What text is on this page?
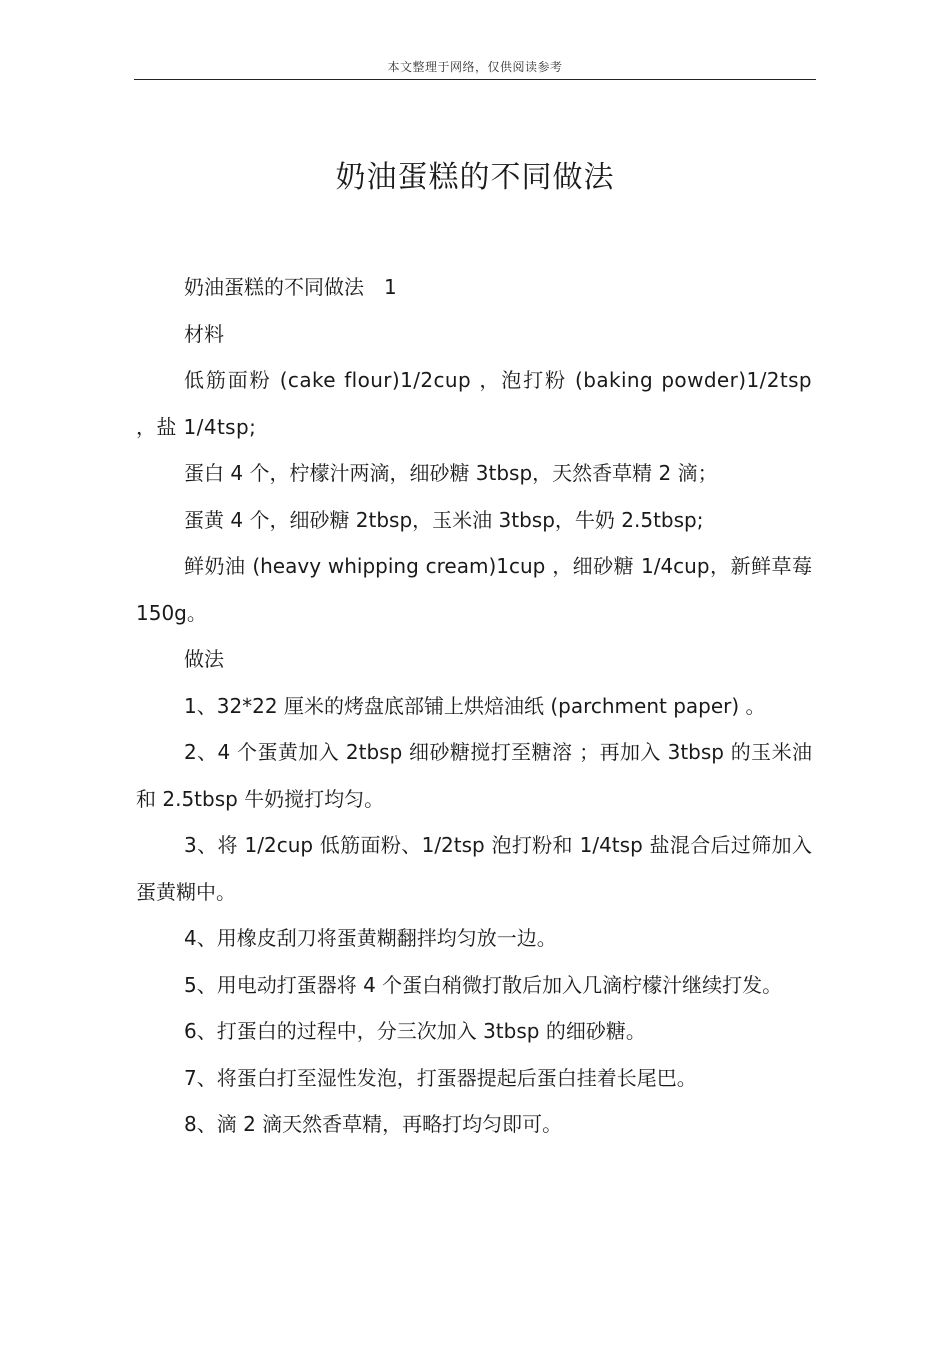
本文整理于网络，仅供阅读参考
奶油蛋糕的不同做法

奶油蛋糕的不同做法　1

材料

低筋面粉 (cake flour)1/2cup ，泡打粉 (baking powder)1/2tsp ，盐 1/4tsp;

蛋白 4 个，柠檬汁两滴，细砂糖 3tbsp，天然香草精 2 滴；

蛋黄 4 个，细砂糖 2tbsp，玉米油 3tbsp，牛奶 2.5tbsp;

鲜奶油 (heavy whipping cream)1cup ，细砂糖 1/4cup，新鲜草莓 150g。

做法

1、32*22 厘米的烤盘底部铺上烘焙油纸 (parchment paper) 。

2、4 个蛋黄加入 2tbsp 细砂糖搅打至糖溶 ；再加入 3tbsp 的玉米油和 2.5tbsp 牛奶搅打均匀。

3、将 1/2cup 低筋面粉、1/2tsp 泡打粉和 1/4tsp 盐混合后过筛加入蛋黄糊中。

4、用橡皮刮刀将蛋黄糊翻拌均匀放一边。

5、用电动打蛋器将 4 个蛋白稍微打散后加入几滴柠檬汁继续打发。

6、打蛋白的过程中，分三次加入 3tbsp 的细砂糖。

7、将蛋白打至湿性发泡，打蛋器提起后蛋白挂着长尾巴。

8、滴 2 滴天然香草精，再略打均匀即可。
